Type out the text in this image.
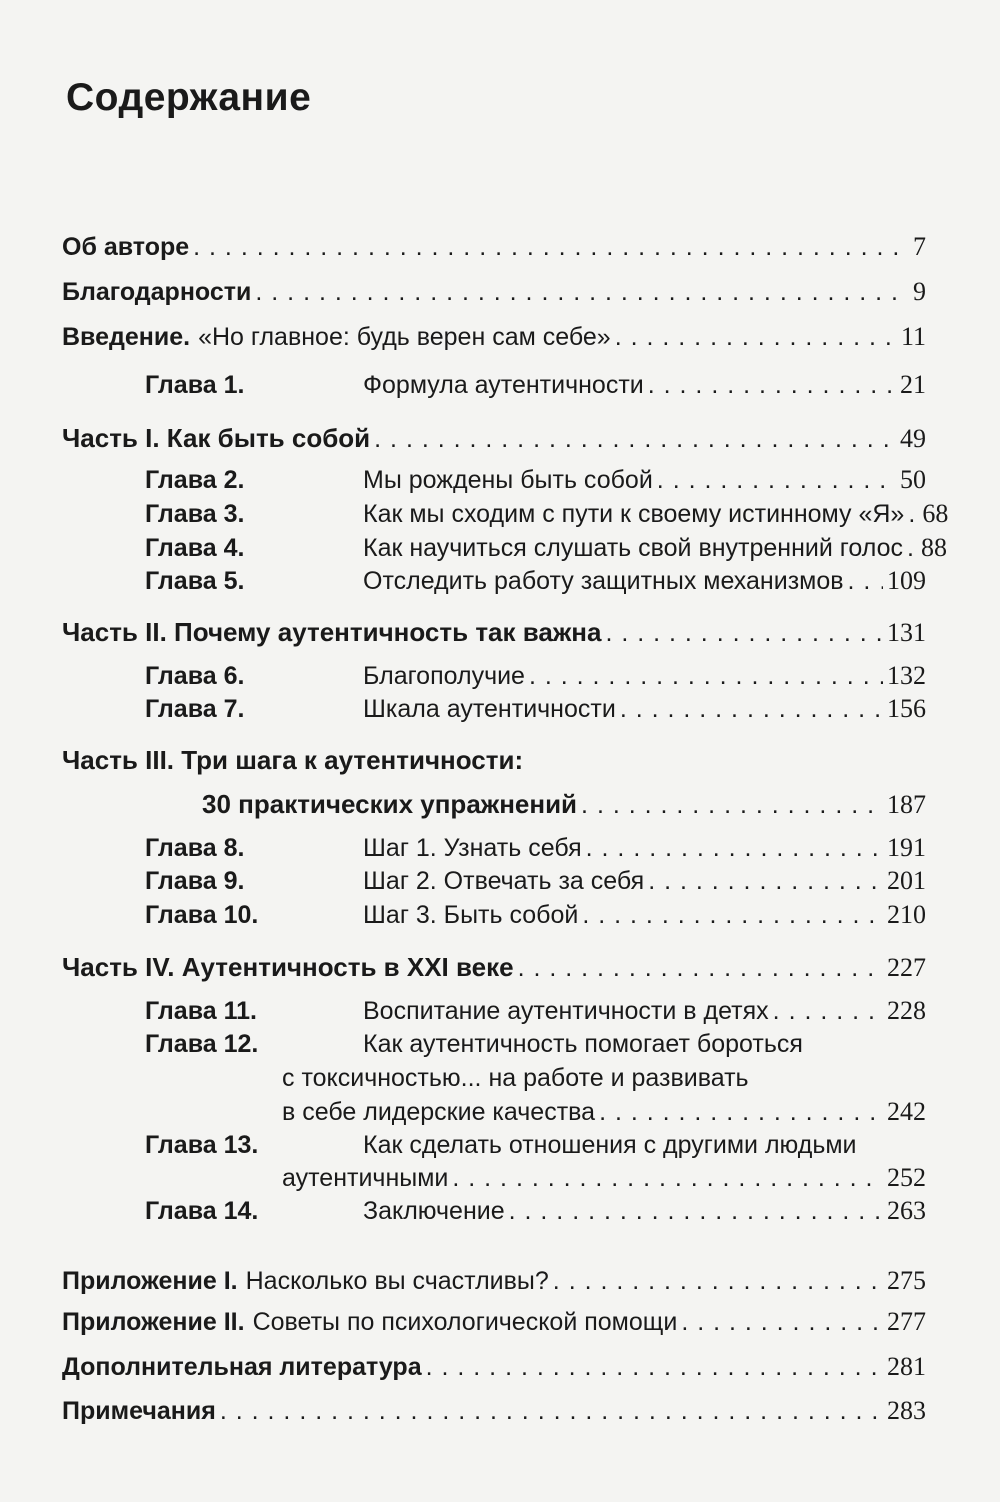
Содержание
Об авторе . . .	7
Благодарности . . .	9
Введение. «Но главное: будь верен сам себе» . . .	11
Глава 1.	Формула аутентичности . . .	21
Часть I. Как быть собой . . .	49
Глава 2.	Мы рождены быть собой . . .	50
Глава 3.	Как мы сходим с пути к своему истинному «Я» . . . 68
Глава 4.	Как научиться слушать свой внутренний голос . . . 88
Глава 5.	Отследить работу защитных механизмов . . . 109
Часть II. Почему аутентичность так важна . . .	131
Глава 6.	Благополучие . . .	132
Глава 7.	Шкала аутентичности . . .	156
Часть III. Три шага к аутентичности:
30 практических упражнений . . .	187
Глава 8.	Шаг 1. Узнать себя . . .	191
Глава 9.	Шаг 2. Отвечать за себя . . .	201
Глава 10.	Шаг 3. Быть собой . . .	210
Часть IV. Аутентичность в XXI веке . . .	227
Глава 11.	Воспитание аутентичности в детях . . .	228
Глава 12.	Как аутентичность помогает бороться
с токсичностью... на работе и развивать
в себе лидерские качества . . .	242
Глава 13.	Как сделать отношения с другими людьми
аутентичными . . .	252
Глава 14.	Заключение . . .	263
Приложение I. Насколько вы счастливы? . . .	275
Приложение II. Советы по психологической помощи . . .	277
Дополнительная литература . . .	281
Примечания . . .	283
